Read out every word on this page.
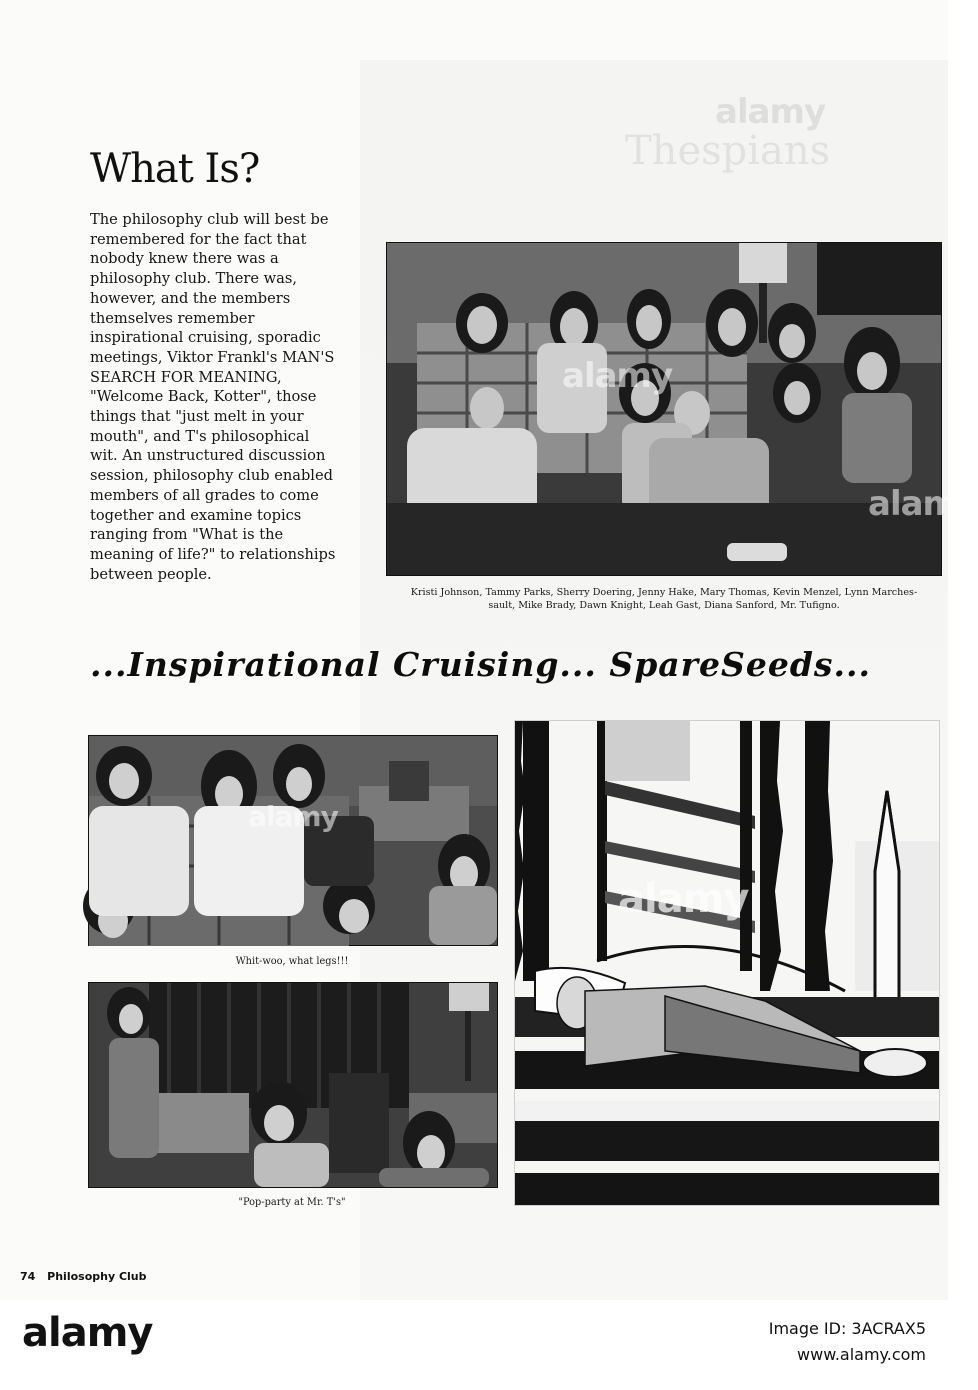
Thespians
alamy
What Is?

The philosophy club will best be
remembered for the fact that
nobody knew there was a
philosophy club. There was,
however, and the members
themselves remember
inspirational cruising, sporadic
meetings, Viktor Frankl's MAN'S
SEARCH FOR MEANING,
"Welcome Back, Kotter", those
things that "just melt in your
mouth", and T's philosophical
wit. An unstructured discussion
session, philosophy club enabled
members of all grades to come
together and examine topics
ranging from "What is the
meaning of life?" to relationships
between people.

alamy
alamy
Kristi Johnson, Tammy Parks, Sherry Doering, Jenny Hake, Mary Thomas, Kevin Menzel, Lynn Marches-
sault, Mike Brady, Dawn Knight, Leah Gast, Diana Sanford, Mr. Tufigno.
...Inspirational Cruising... SpareSeeds...
alamy
Whit-woo, what legs!!!
"Pop-party at Mr. T's"
alamy
74 Philosophy Club
alamy	Image ID: 3ACRAX5
www.alamy.com
